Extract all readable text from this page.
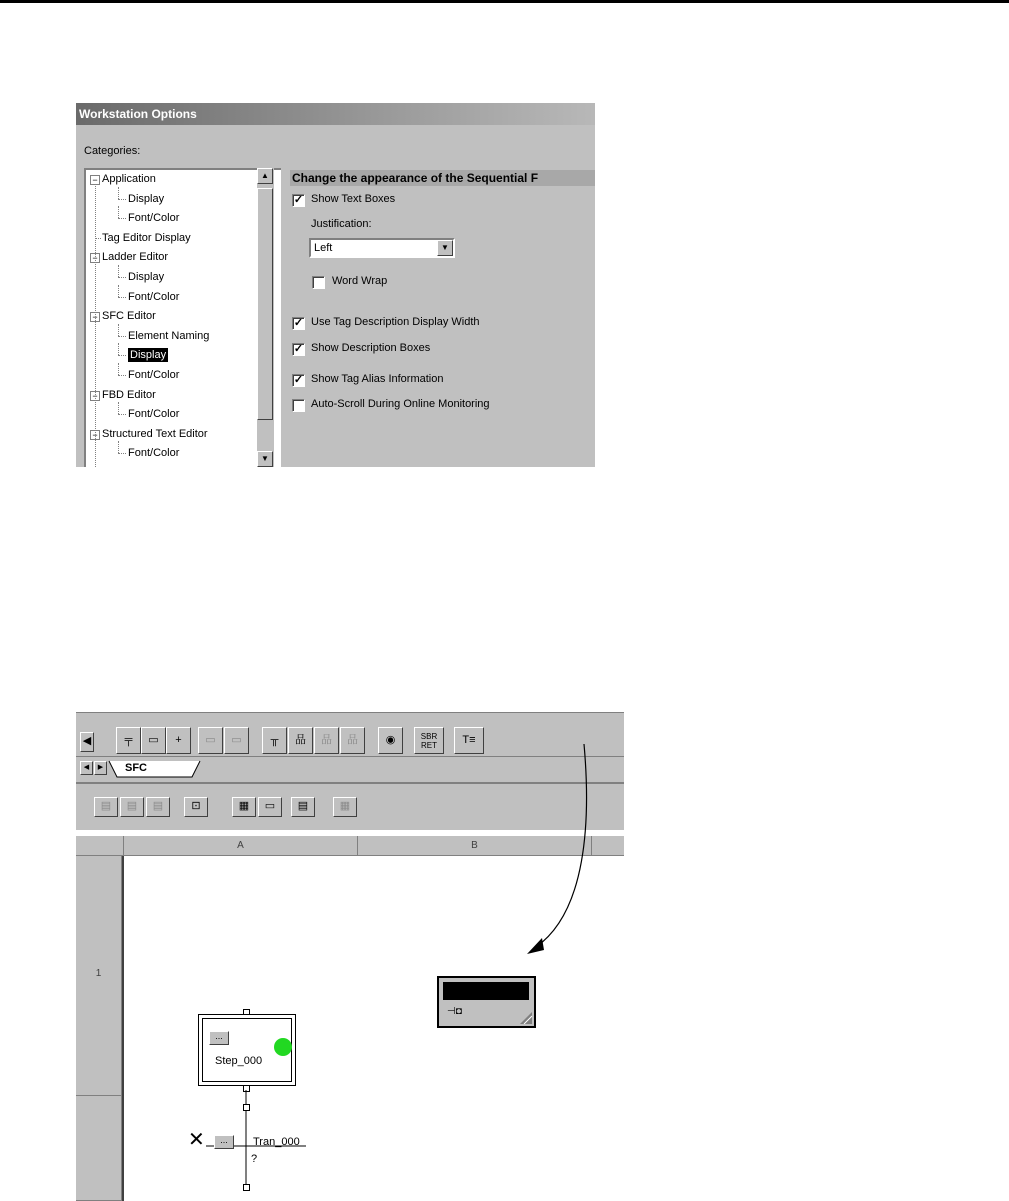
Workstation Options
Categories:
− Application
Display
Font/Color
Tag Editor Display
− Ladder Editor
Display
Font/Color
− SFC Editor
Element Naming
Display
Font/Color
− FBD Editor
Font/Color
− Structured Text Editor
Font/Color
▲
▼
Change the appearance of the Sequential F
✓ Show Text Boxes
Justification:
Left	▼
Word Wrap
✓ Use Tag Description Display Width
✓ Show Description Boxes
✓ Show Tag Alias Information
Auto-Scroll During Online Monitoring
◀	╤	▭	+	▭	▭	╥	品	品	品	◉	SBR RET	T≡
◀	▶	SFC
▤	▤	▤	⊡	▦	▭	▤	▦
A	B
1
...
Step_000
✕	...	Tran_000
?
⊣◘
